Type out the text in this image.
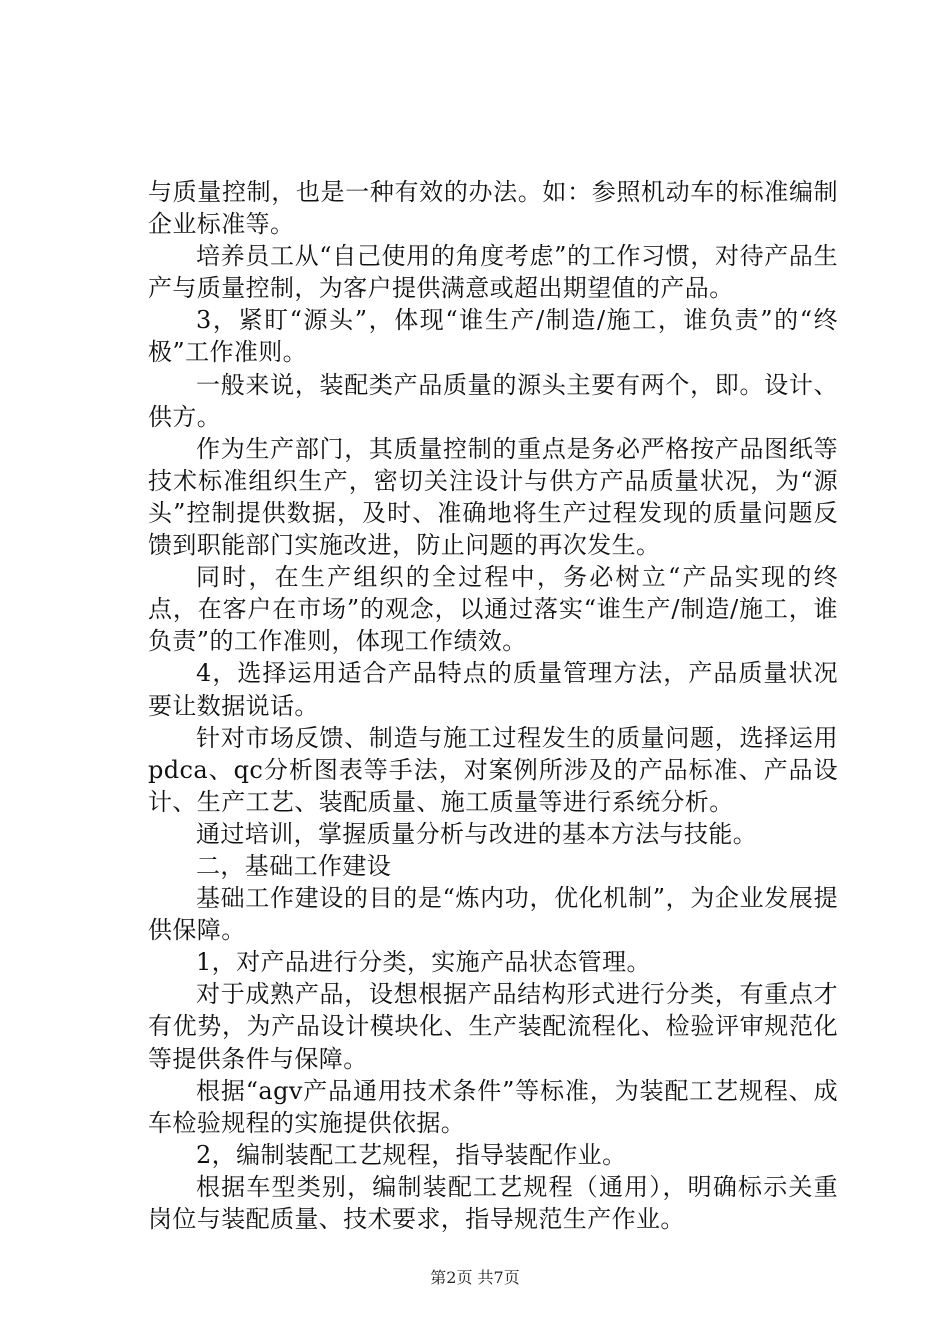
与质量控制，也是一种有效的办法。如：参照机动车的标准编制企业标准等。

培养员工从“自己使用的角度考虑”的工作习惯，对待产品生产与质量控制，为客户提供满意或超出期望值的产品。

3，紧盯“源头”，体现“谁生产/制造/施工，谁负责”的“终极”工作准则。

一般来说，装配类产品质量的源头主要有两个，即。设计、供方。

作为生产部门，其质量控制的重点是务必严格按产品图纸等技术标准组织生产，密切关注设计与供方产品质量状况，为“源头”控制提供数据，及时、准确地将生产过程发现的质量问题反馈到职能部门实施改进，防止问题的再次发生。

同时，在生产组织的全过程中，务必树立“产品实现的终点，在客户在市场”的观念，以通过落实“谁生产/制造/施工，谁负责”的工作准则，体现工作绩效。

4，选择运用适合产品特点的质量管理方法，产品质量状况要让数据说话。

针对市场反馈、制造与施工过程发生的质量问题，选择运用pdca、qc分析图表等手法，对案例所涉及的产品标准、产品设计、生产工艺、装配质量、施工质量等进行系统分析。

通过培训，掌握质量分析与改进的基本方法与技能。

二，基础工作建设

基础工作建设的目的是“炼内功，优化机制”，为企业发展提供保障。

1，对产品进行分类，实施产品状态管理。

对于成熟产品，设想根据产品结构形式进行分类，有重点才有优势，为产品设计模块化、生产装配流程化、检验评审规范化等提供条件与保障。

根据“agv产品通用技术条件”等标准，为装配工艺规程、成车检验规程的实施提供依据。

2，编制装配工艺规程，指导装配作业。

根据车型类别，编制装配工艺规程（通用），明确标示关重岗位与装配质量、技术要求，指导规范生产作业。

第2页 共7页
